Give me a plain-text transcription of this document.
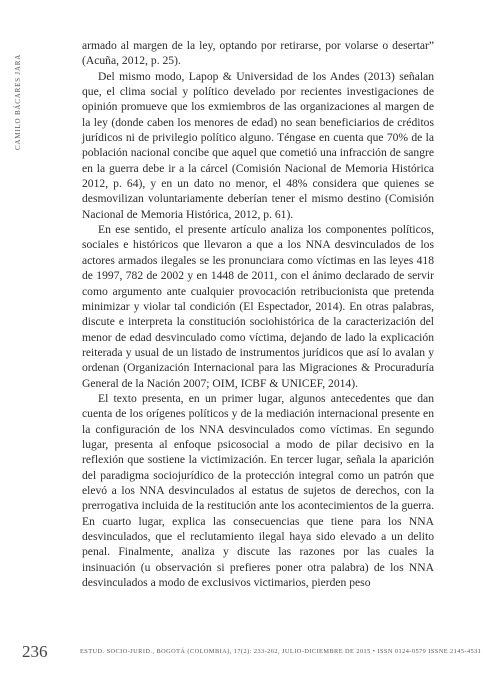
CAMILO BÁCARES JARA

armado al margen de la ley, optando por retirarse, por volarse o desertar” (Acuña, 2012, p. 25).

Del mismo modo, Lapop & Universidad de los Andes (2013) señalan que, el clima social y político develado por recientes investigaciones de opinión promueve que los exmiembros de las organizaciones al margen de la ley (donde caben los menores de edad) no sean beneficiarios de créditos jurídicos ni de privilegio político alguno. Téngase en cuenta que 70% de la población nacional concibe que aquel que cometió una infracción de sangre en la guerra debe ir a la cárcel (Comisión Nacional de Memoria Histórica 2012, p. 64), y en un dato no menor, el 48% considera que quienes se desmovilizan voluntariamente deberían tener el mismo destino (Comisión Nacional de Memoria Histórica, 2012, p. 61).

En ese sentido, el presente artículo analiza los componentes políticos, sociales e históricos que llevaron a que a los NNA desvinculados de los actores armados ilegales se les pronunciara como víctimas en las leyes 418 de 1997, 782 de 2002 y en 1448 de 2011, con el ánimo declarado de servir como argumento ante cualquier provocación retribucionista que pretenda minimizar y violar tal condición (El Espectador, 2014). En otras palabras, discute e interpreta la constitución sociohistórica de la caracterización del menor de edad desvinculado como víctima, dejando de lado la explicación reiterada y usual de un listado de instrumentos jurídicos que así lo avalan y ordenan (Organización Internacional para las Migraciones & Procuraduría General de la Nación 2007; OIM, ICBF & UNICEF, 2014).

El texto presenta, en un primer lugar, algunos antecedentes que dan cuenta de los orígenes políticos y de la mediación internacional presente en la configuración de los NNA desvinculados como víctimas. En segundo lugar, presenta al enfoque psicosocial a modo de pilar decisivo en la reflexión que sostiene la victimización. En tercer lugar, señala la aparición del paradigma sociojurídico de la protección integral como un patrón que elevó a los NNA desvinculados al estatus de sujetos de derechos, con la prerrogativa incluida de la restitución ante los acontecimientos de la guerra. En cuarto lugar, explica las consecuencias que tiene para los NNA desvinculados, que el reclutamiento ilegal haya sido elevado a un delito penal. Finalmente, analiza y discute las razones por las cuales la insinuación (u observación si prefieres poner otra palabra) de los NNA desvinculados a modo de exclusivos victimarios, pierden peso

236	ESTUD. SOCIO-JURID., BOGOTÁ (COLOMBIA), 17(2): 233-262, JULIO-DICIEMBRE DE 2015 • ISSN 0124-0579 ISSNE 2145-4531
